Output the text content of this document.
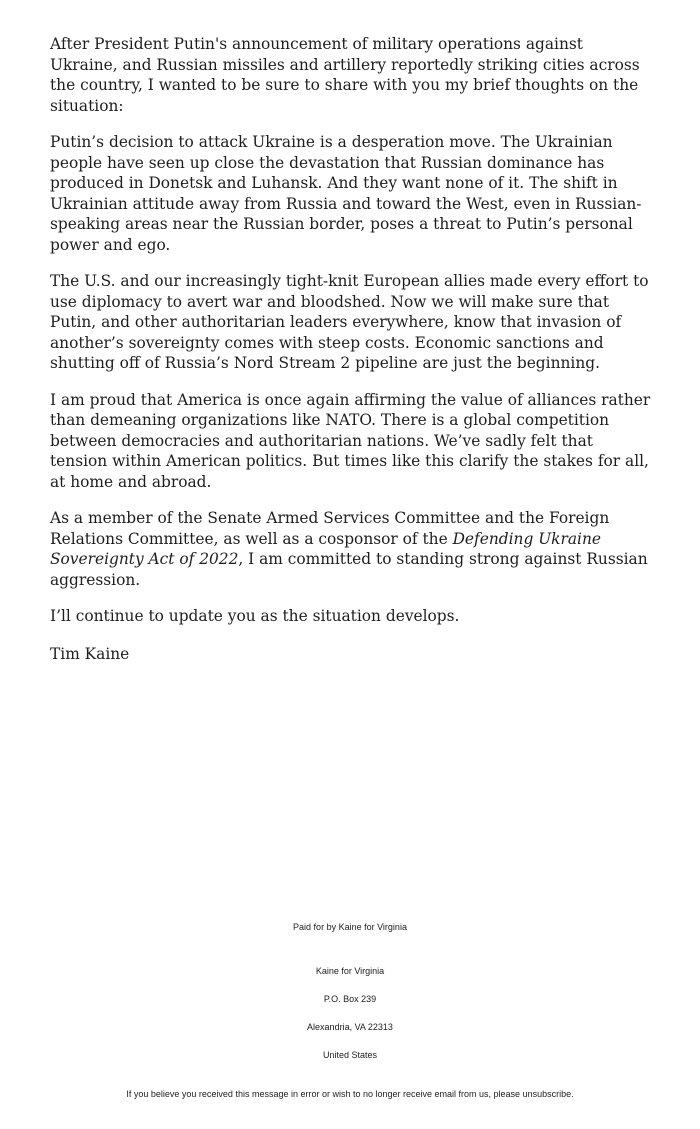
After President Putin's announcement of military operations against Ukraine, and Russian missiles and artillery reportedly striking cities across the country, I wanted to be sure to share with you my brief thoughts on the situation:

Putin’s decision to attack Ukraine is a desperation move. The Ukrainian people have seen up close the devastation that Russian dominance has produced in Donetsk and Luhansk. And they want none of it. The shift in Ukrainian attitude away from Russia and toward the West, even in Russian-speaking areas near the Russian border, poses a threat to Putin’s personal power and ego.

The U.S. and our increasingly tight-knit European allies made every effort to use diplomacy to avert war and bloodshed. Now we will make sure that Putin, and other authoritarian leaders everywhere, know that invasion of another’s sovereignty comes with steep costs. Economic sanctions and shutting off of Russia’s Nord Stream 2 pipeline are just the beginning.

I am proud that America is once again affirming the value of alliances rather than demeaning organizations like NATO. There is a global competition between democracies and authoritarian nations. We’ve sadly felt that tension within American politics. But times like this clarify the stakes for all, at home and abroad.

As a member of the Senate Armed Services Committee and the Foreign Relations Committee, as well as a cosponsor of the Defending Ukraine Sovereignty Act of 2022, I am committed to standing strong against Russian aggression.

I’ll continue to update you as the situation develops.

Tim Kaine

Paid for by Kaine for Virginia

Kaine for Virginia
P.O. Box 239
Alexandria, VA 22313
United States

If you believe you received this message in error or wish to no longer receive email from us, please unsubscribe.
